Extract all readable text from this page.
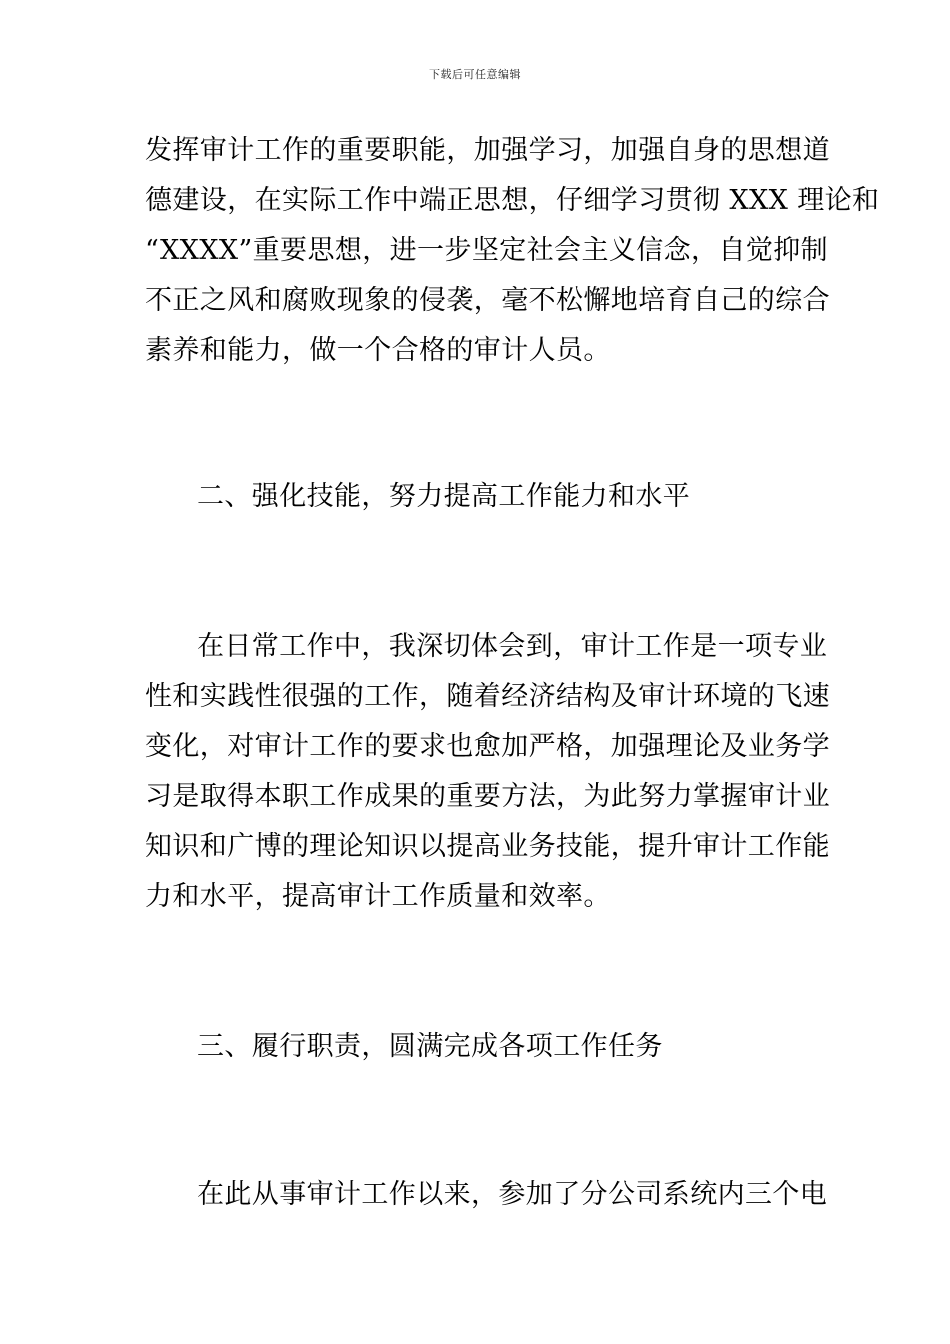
下载后可任意编辑
发挥审计工作的重要职能，加强学习，加强自身的思想道
德建设，在实际工作中端正思想，仔细学习贯彻 XXX 理论和
“XXXX”重要思想，进一步坚定社会主义信念，自觉抑制
不正之风和腐败现象的侵袭，毫不松懈地培育自己的综合
素养和能力，做一个合格的审计人员。
二、强化技能，努力提高工作能力和水平
在日常工作中，我深切体会到，审计工作是一项专业
性和实践性很强的工作，随着经济结构及审计环境的飞速
变化，对审计工作的要求也愈加严格，加强理论及业务学
习是取得本职工作成果的重要方法，为此努力掌握审计业
知识和广博的理论知识以提高业务技能，提升审计工作能
力和水平，提高审计工作质量和效率。
三、履行职责，圆满完成各项工作任务
在此从事审计工作以来，参加了分公司系统内三个电
